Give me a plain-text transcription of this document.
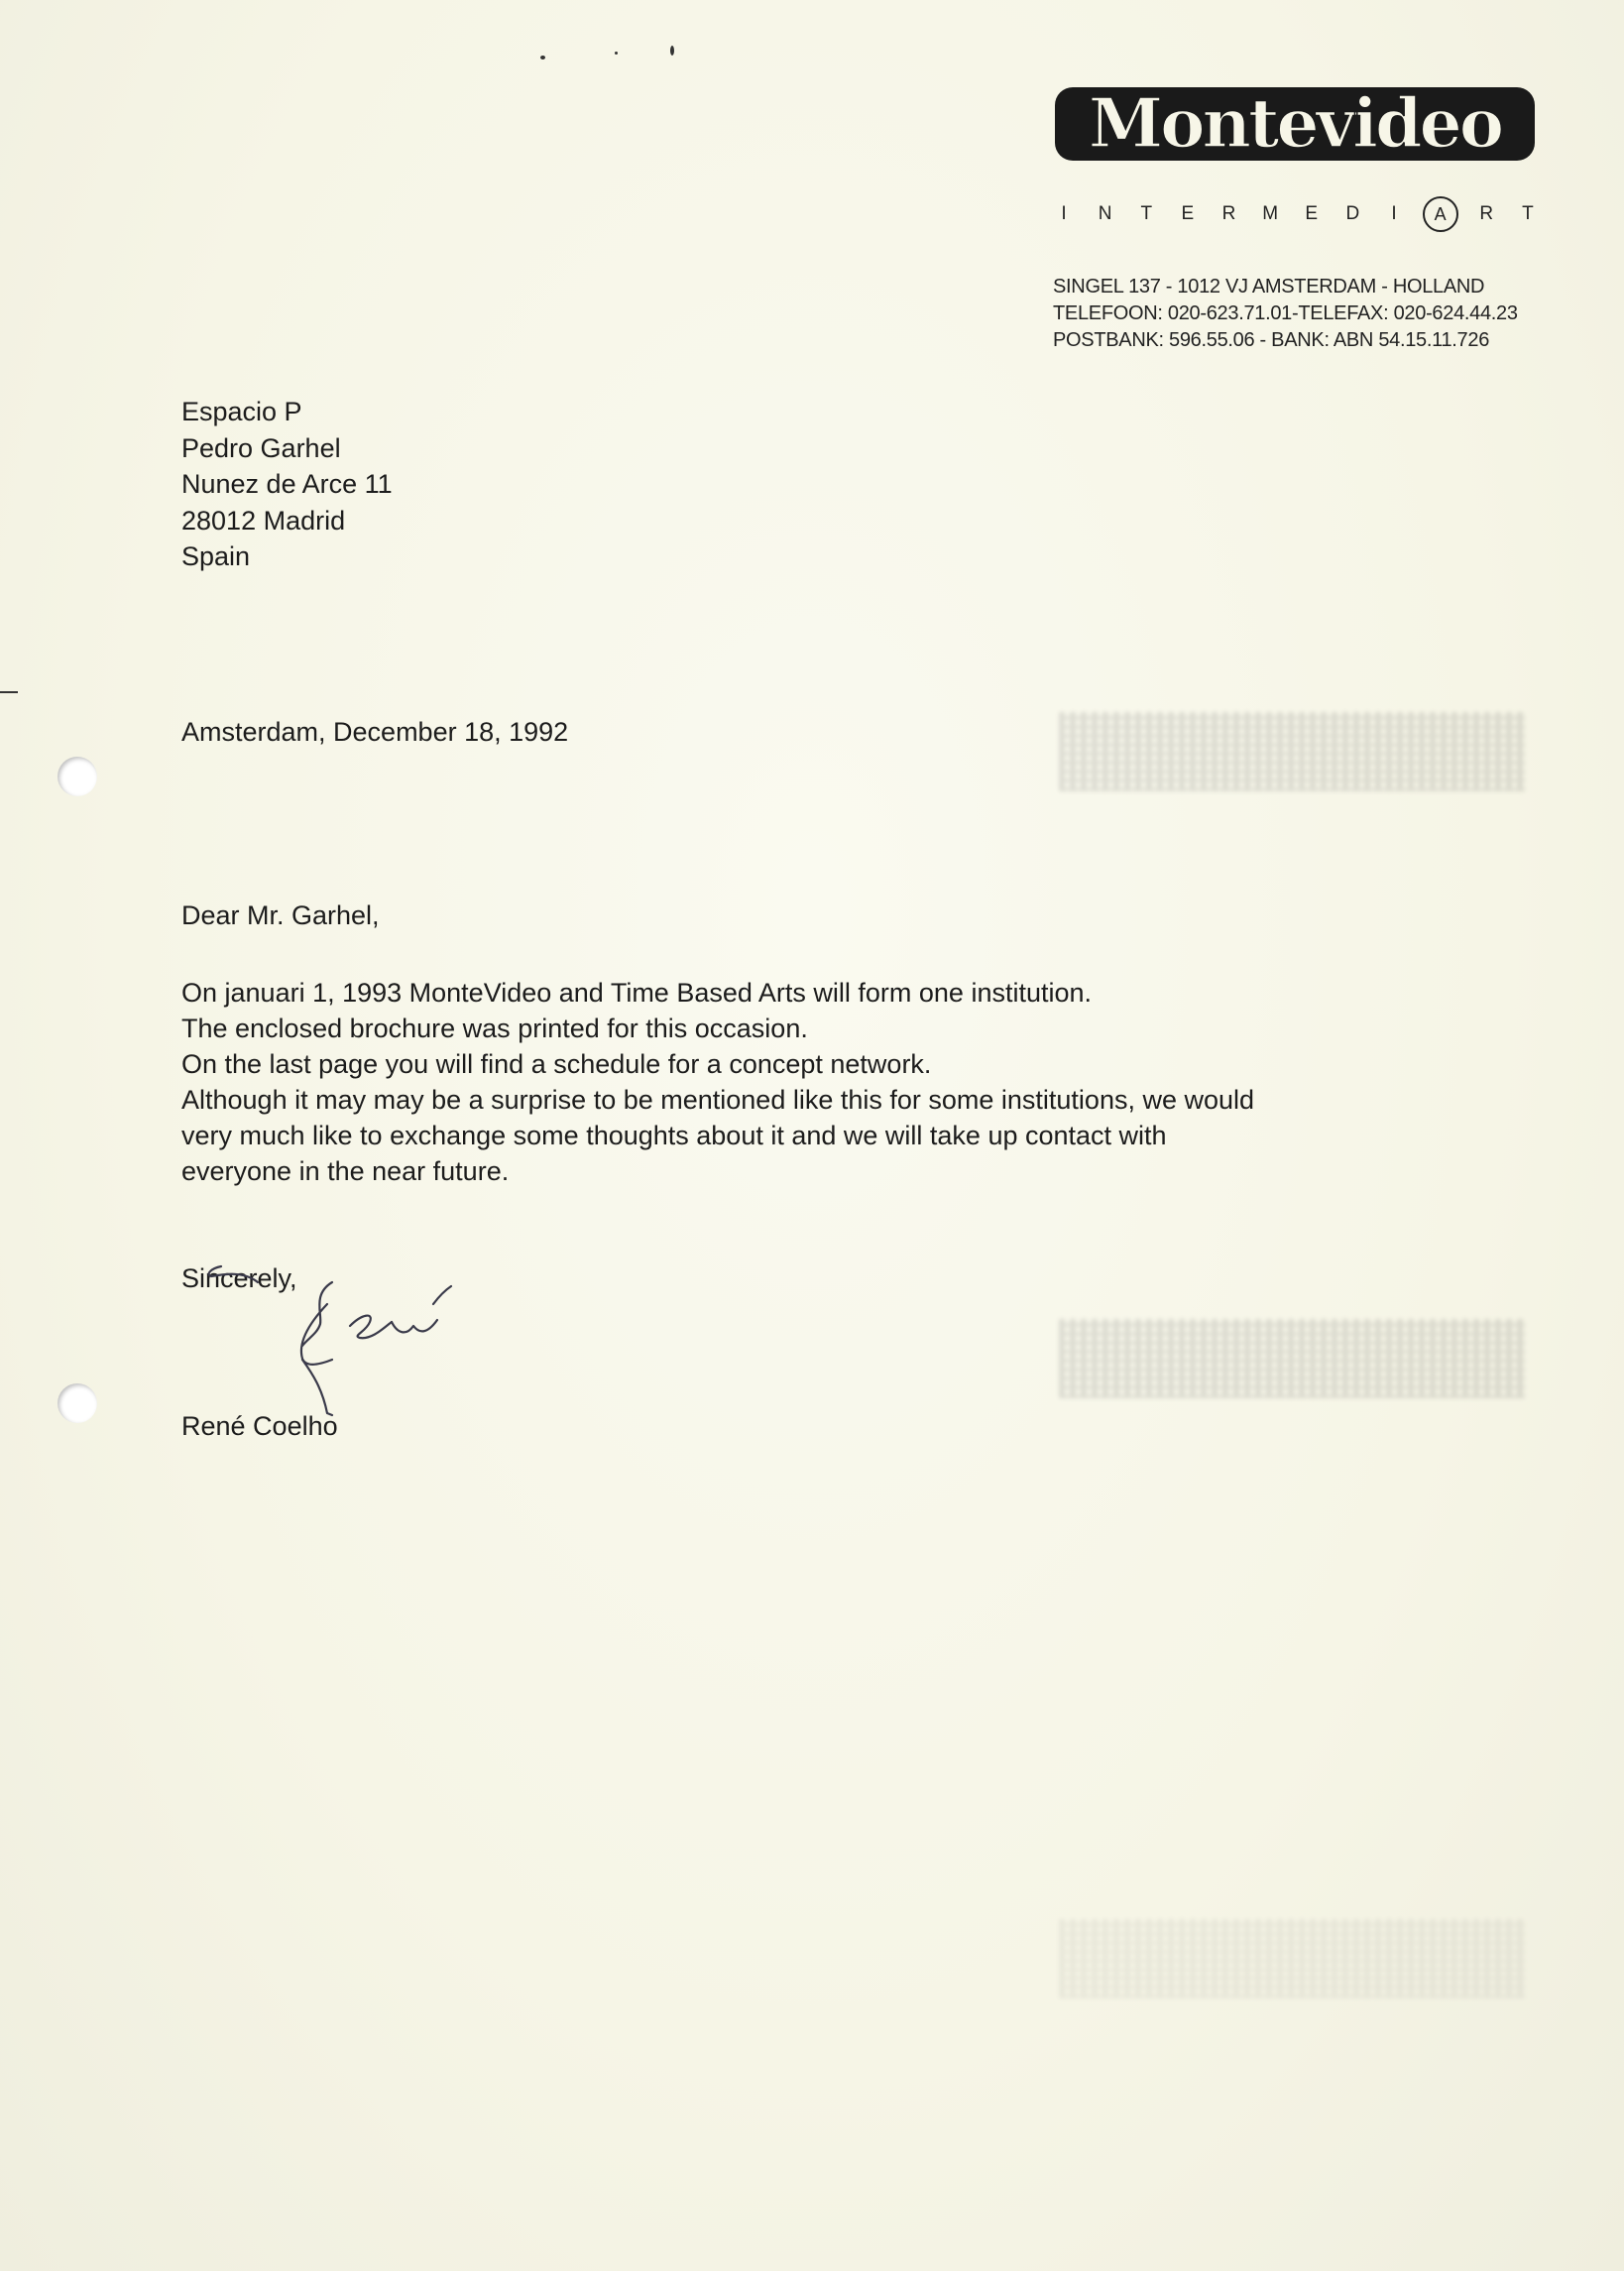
Montevideo
I	N	T	E	R	M	E	D	I	A	R	T
SINGEL 137 - 1012 VJ AMSTERDAM - HOLLAND
TELEFOON: 020-623.71.01-TELEFAX: 020-624.44.23
POSTBANK: 596.55.06 - BANK: ABN 54.15.11.726
Espacio P
Pedro Garhel
Nunez de Arce 11
28012 Madrid
Spain
Amsterdam, December 18, 1992
Dear Mr. Garhel,
On januari 1, 1993 MonteVideo and Time Based Arts will form one institution.
The enclosed brochure was printed for this occasion.
On the last page you will find a schedule for a concept network.
Although it may may be a surprise to be mentioned like this for some institutions, we would
very much like to exchange some thoughts about it and we will take up contact with
everyone in the near future.
Sincerely,
René Coelho
